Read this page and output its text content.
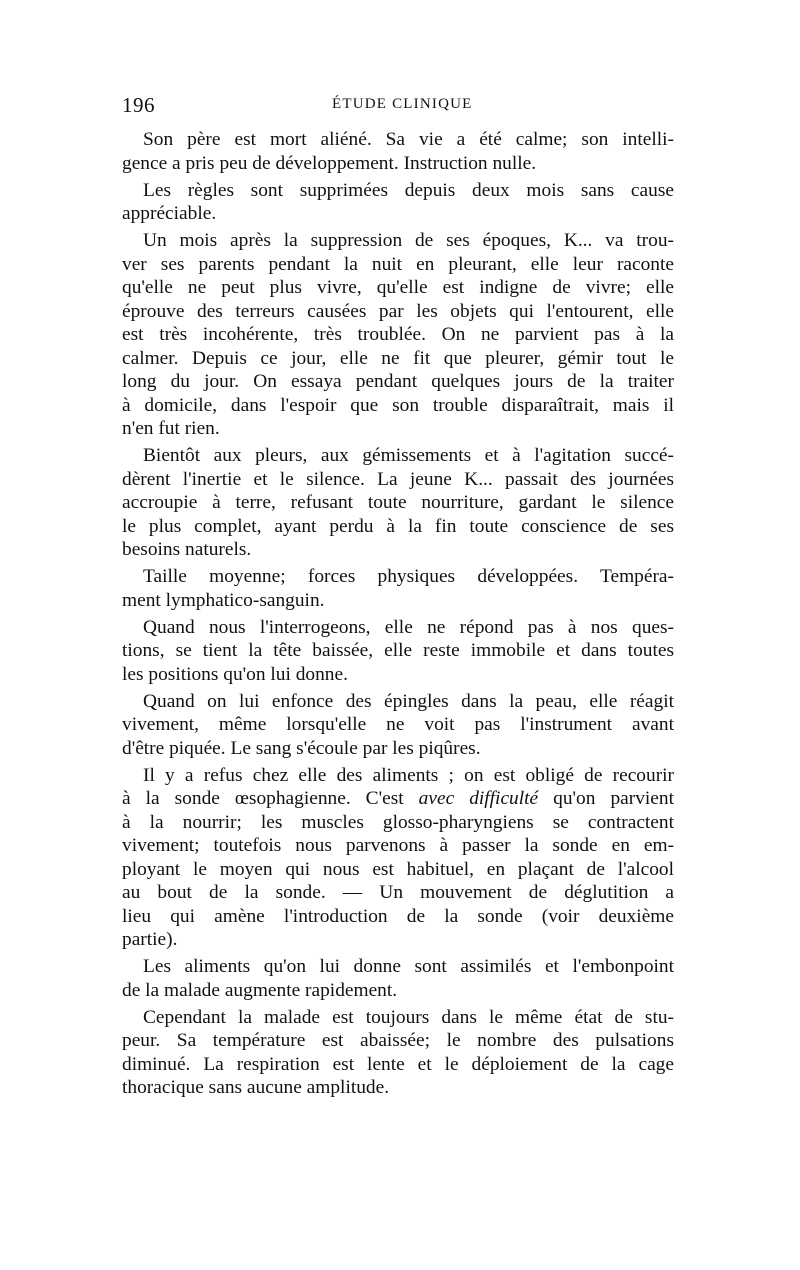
196	ÉTUDE CLINIQUE
Son père est mort aliéné. Sa vie a été calme; son intelli-
gence a pris peu de développement. Instruction nulle.
Les règles sont supprimées depuis deux mois sans cause
appréciable.
Un mois après la suppression de ses époques, K... va trou-
ver ses parents pendant la nuit en pleurant, elle leur raconte
qu'elle ne peut plus vivre, qu'elle est indigne de vivre; elle
éprouve des terreurs causées par les objets qui l'entourent, elle
est très incohérente, très troublée. On ne parvient pas à la
calmer. Depuis ce jour, elle ne fit que pleurer, gémir tout le
long du jour. On essaya pendant quelques jours de la traiter
à domicile, dans l'espoir que son trouble disparaîtrait, mais il
n'en fut rien.
Bientôt aux pleurs, aux gémissements et à l'agitation succé-
dèrent l'inertie et le silence. La jeune K... passait des journées
accroupie à terre, refusant toute nourriture, gardant le silence
le plus complet, ayant perdu à la fin toute conscience de ses
besoins naturels.
Taille moyenne; forces physiques développées. Tempéra-
ment lymphatico-sanguin.
Quand nous l'interrogeons, elle ne répond pas à nos ques-
tions, se tient la tête baissée, elle reste immobile et dans toutes
les positions qu'on lui donne.
Quand on lui enfonce des épingles dans la peau, elle réagit
vivement, même lorsqu'elle ne voit pas l'instrument avant
d'être piquée. Le sang s'écoule par les piqûres.
Il y a refus chez elle des aliments ; on est obligé de recourir
à la sonde œsophagienne. C'est avec difficulté qu'on parvient
à la nourrir; les muscles glosso-pharyngiens se contractent
vivement; toutefois nous parvenons à passer la sonde en em-
ployant le moyen qui nous est habituel, en plaçant de l'alcool
au bout de la sonde. — Un mouvement de déglutition a
lieu qui amène l'introduction de la sonde (voir deuxième
partie).
Les aliments qu'on lui donne sont assimilés et l'embonpoint
de la malade augmente rapidement.
Cependant la malade est toujours dans le même état de stu-
peur. Sa température est abaissée; le nombre des pulsations
diminué. La respiration est lente et le déploiement de la cage
thoracique sans aucune amplitude.
